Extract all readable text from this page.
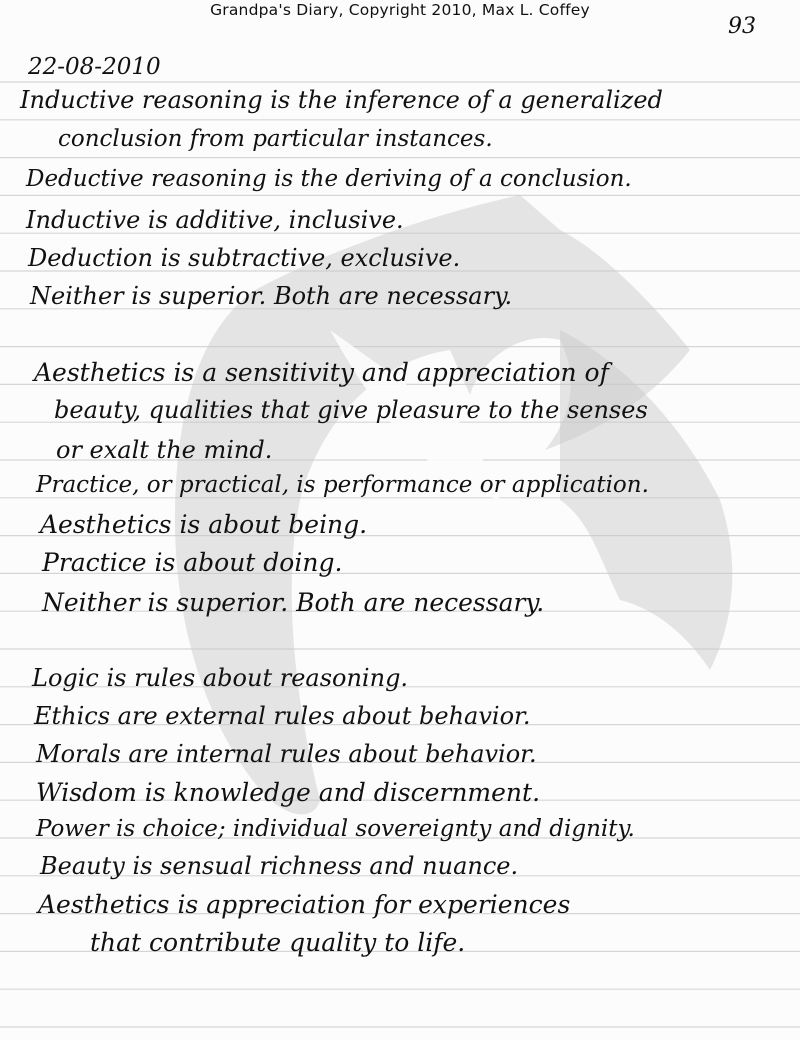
Grandpa's Diary, Copyright 2010, Max L. Coffey
93
22-08-2010
Inductive reasoning is the inference of a generalized
conclusion from particular instances.
Deductive reasoning is the deriving of a conclusion.
Inductive is additive, inclusive.
Deduction is subtractive, exclusive.
Neither is superior. Both are necessary.
Aesthetics is a sensitivity and appreciation of
beauty, qualities that give pleasure to the senses
or exalt the mind.
Practice, or practical, is performance or application.
Aesthetics is about being.
Practice is about doing.
Neither is superior. Both are necessary.
Logic is rules about reasoning.
Ethics are external rules about behavior.
Morals are internal rules about behavior.
Wisdom is knowledge and discernment.
Power is choice; individual sovereignty and dignity.
Beauty is sensual richness and nuance.
Aesthetics is appreciation for experiences
that contribute quality to life.
